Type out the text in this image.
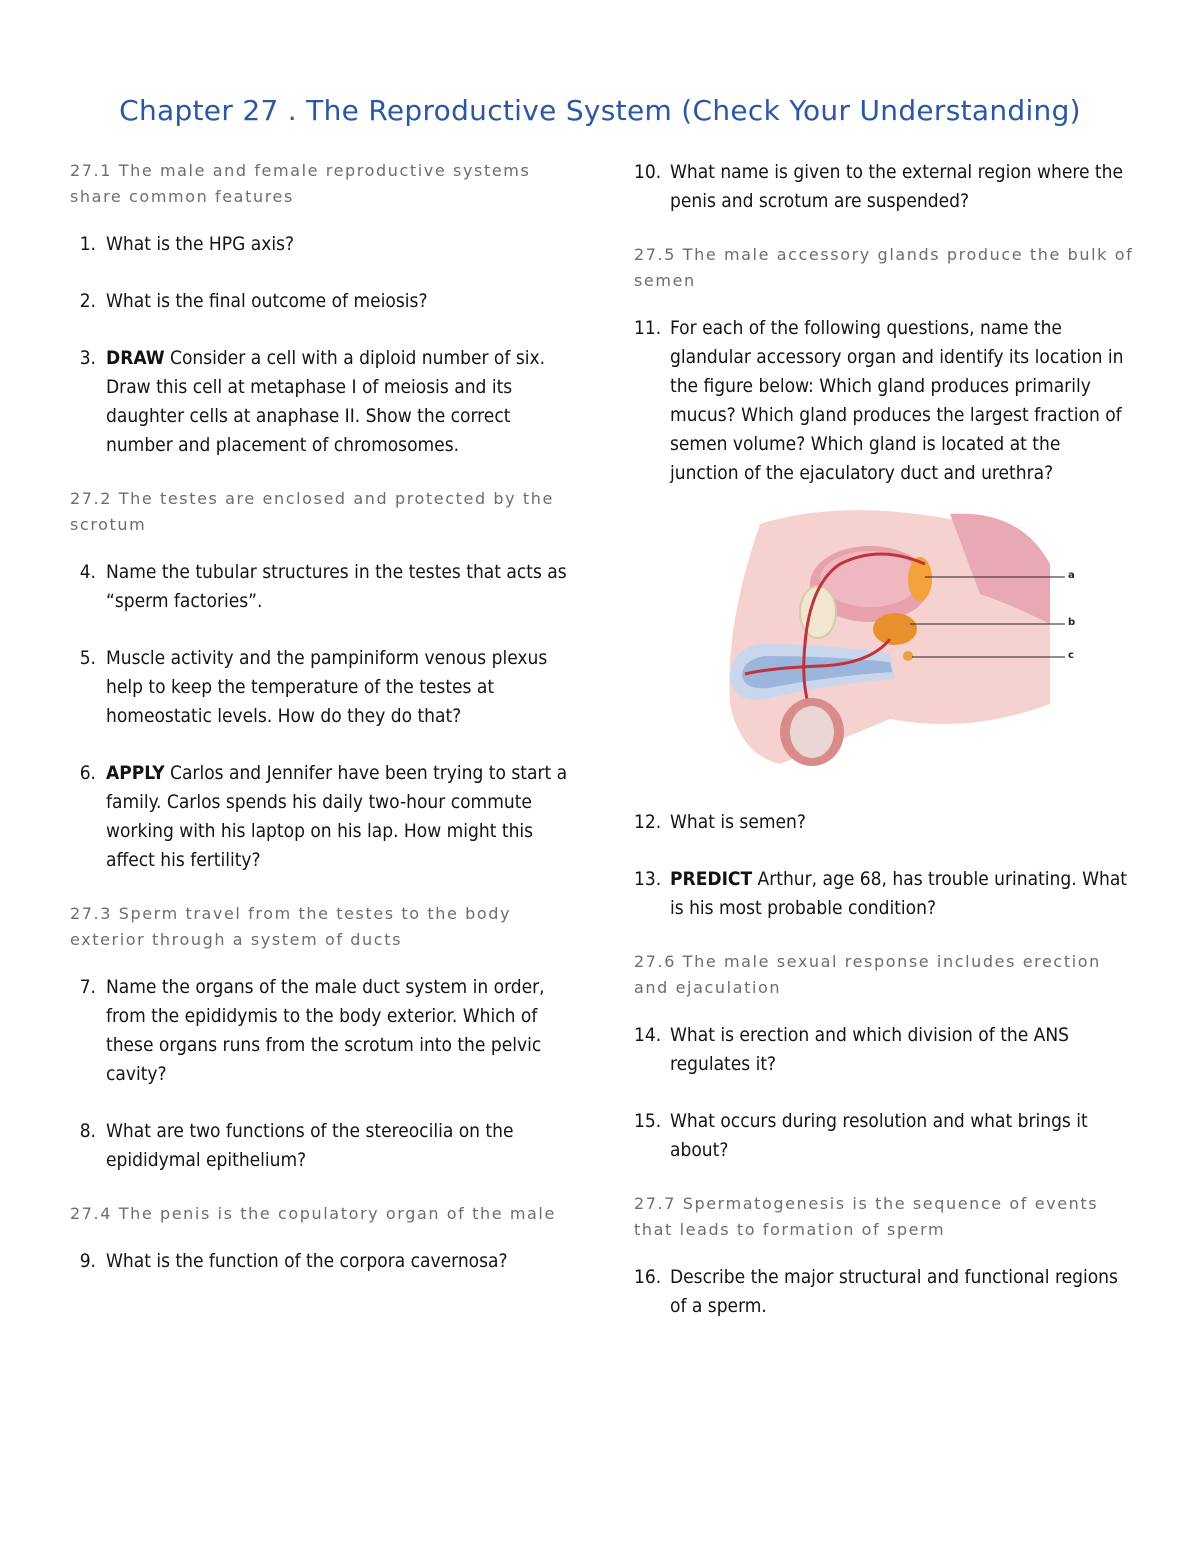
Chapter 27 . The Reproductive System (Check Your Understanding)

27.1 The male and female reproductive systems share common features

1. What is the HPG axis?
2. What is the final outcome of meiosis?
3. DRAW Consider a cell with a diploid number of six. Draw this cell at metaphase I of meiosis and its daughter cells at anaphase II. Show the correct number and placement of chromosomes.

27.2 The testes are enclosed and protected by the scrotum

4. Name the tubular structures in the testes that acts as “sperm factories”.
5. Muscle activity and the pampiniform venous plexus help to keep the temperature of the testes at homeostatic levels. How do they do that?
6. APPLY Carlos and Jennifer have been trying to start a family. Carlos spends his daily two-hour commute working with his laptop on his lap. How might this affect his fertility?

27.3 Sperm travel from the testes to the body exterior through a system of ducts

7. Name the organs of the male duct system in order, from the epididymis to the body exterior. Which of these organs runs from the scrotum into the pelvic cavity?
8. What are two functions of the stereocilia on the epididymal epithelium?

27.4 The penis is the copulatory organ of the male

9. What is the function of the corpora cavernosa?
10. What name is given to the external region where the penis and scrotum are suspended?

27.5 The male accessory glands produce the bulk of semen

11. For each of the following questions, name the glandular accessory organ and identify its location in the figure below: Which gland produces primarily mucus? Which gland produces the largest fraction of semen volume? Which gland is located at the junction of the ejaculatory duct and urethra?
a
b
c
12. What is semen?
13. PREDICT Arthur, age 68, has trouble urinating. What is his most probable condition?

27.6 The male sexual response includes erection and ejaculation

14. What is erection and which division of the ANS regulates it?
15. What occurs during resolution and what brings it about?

27.7 Spermatogenesis is the sequence of events that leads to formation of sperm

16. Describe the major structural and functional regions of a sperm.
